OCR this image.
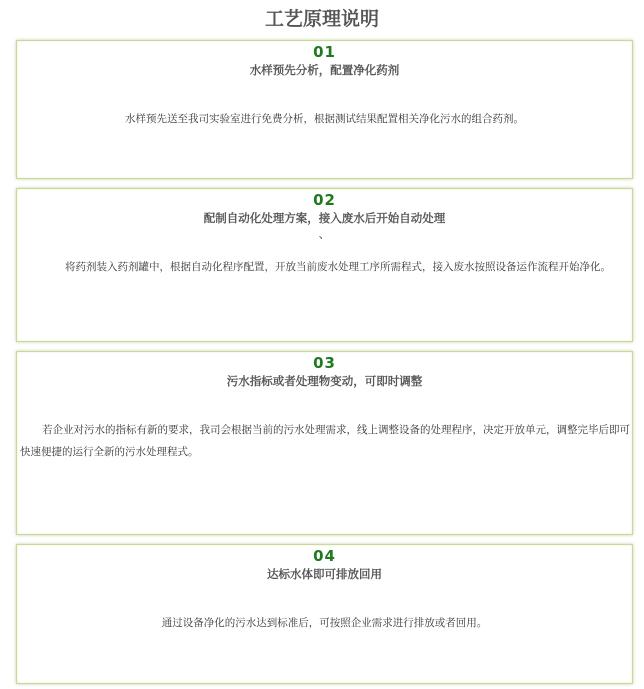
工艺原理说明
01
水样预先分析，配置净化药剂
水样预先送至我司实验室进行免费分析，根据测试结果配置相关净化污水的组合药剂。
02
配制自动化处理方案，接入废水后开始自动处理
、
将药剂装入药剂罐中，根据自动化程序配置，开放当前废水处理工序所需程式，接入废水按照设备运作流程开始净化。
03
污水指标或者处理物变动，可即时调整
若企业对污水的指标有新的要求，我司会根据当前的污水处理需求，线上调整设备的处理程序，决定开放单元，调整完毕后即可快速便捷的运行全新的污水处理程式。
04
达标水体即可排放回用
通过设备净化的污水达到标准后，可按照企业需求进行排放或者回用。
